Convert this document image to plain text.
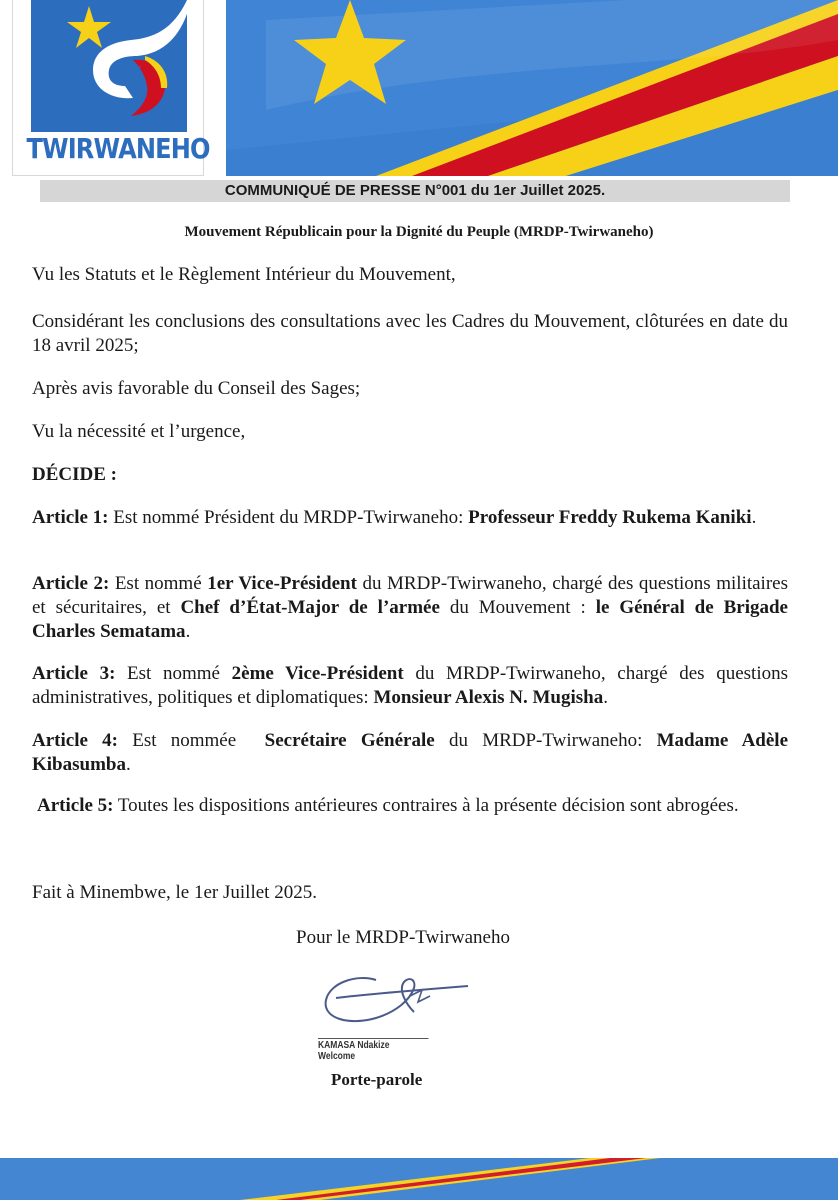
TWIRWANEHO
COMMUNIQUÉ DE PRESSE N°001 du 1er Juillet 2025.
Mouvement Républicain pour la Dignité du Peuple (MRDP-Twirwaneho)

Vu les Statuts et le Règlement Intérieur du Mouvement,

Considérant les conclusions des consultations avec les Cadres du Mouvement, clôturées en date du 18 avril 2025;

Après avis favorable du Conseil des Sages;

Vu la nécessité et l’urgence,

DÉCIDE :

Article 1: Est nommé Président du MRDP-Twirwaneho: Professeur Freddy Rukema Kaniki.

Article 2: Est nommé 1er Vice-Président du MRDP-Twirwaneho, chargé des questions militaires et sécuritaires, et Chef d’État-Major de l’armée du Mouvement : le Général de Brigade Charles Sematama.

Article 3: Est nommé 2ème Vice-Président du MRDP-Twirwaneho, chargé des questions administratives, politiques et diplomatiques: Monsieur Alexis N. Mugisha.

Article 4: Est nommée  Secrétaire Générale du MRDP-Twirwaneho: Madame Adèle Kibasumba.

Article 5: Toutes les dispositions antérieures contraires à la présente décision sont abrogées.

Fait à Minembwe, le 1er Juillet 2025.

Pour le MRDP-Twirwaneho

KAMASA Ndakize Welcome

Porte-parole
